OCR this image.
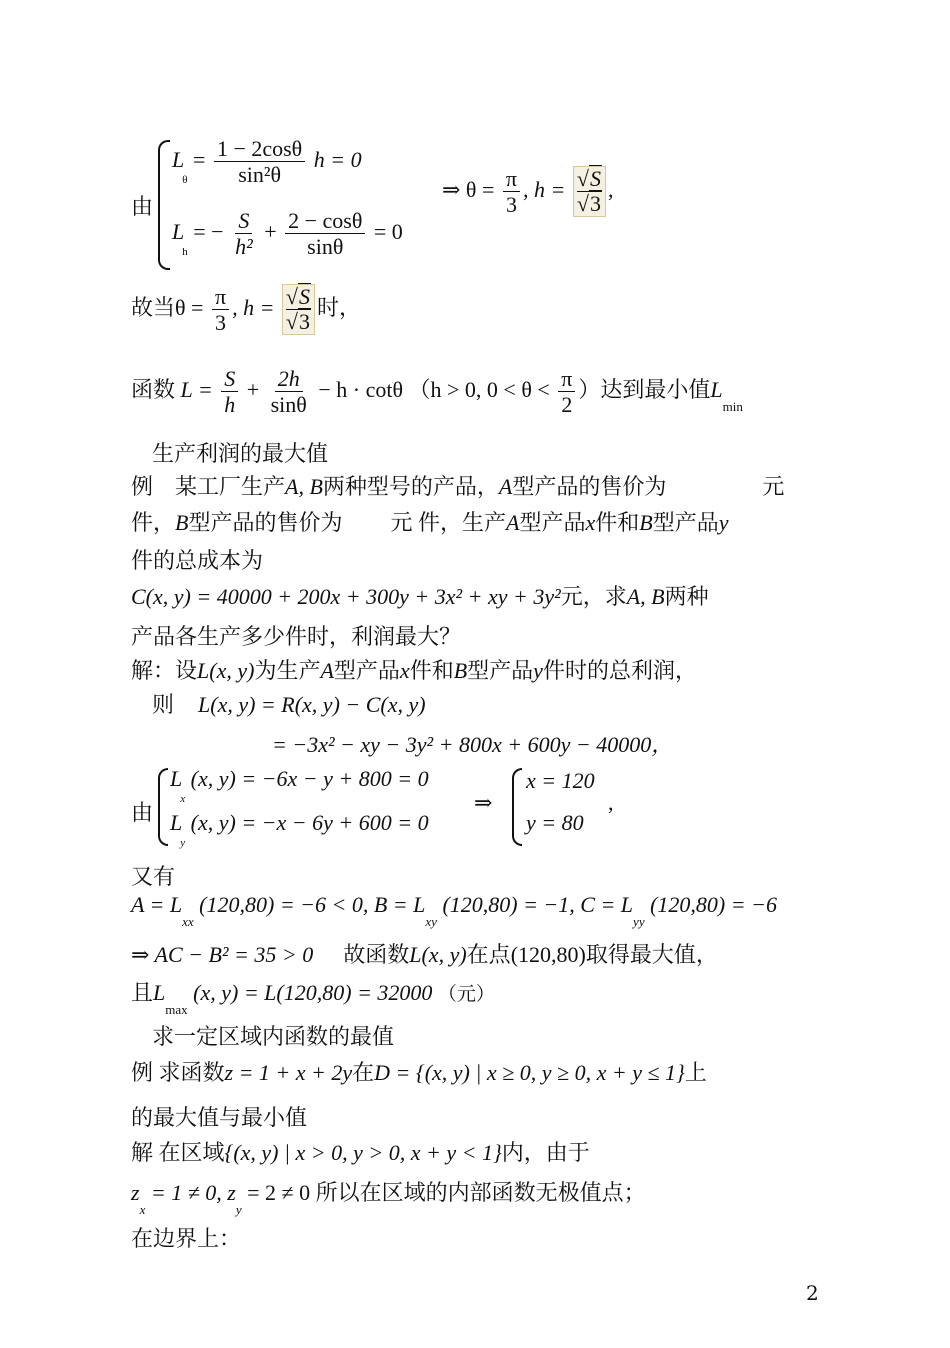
由
$L_\theta = \frac{1 - 2\cos\theta}{\text{sin²θ}}$ h = 0
$L_h$ = − $\frac{S}{\text{h²}} + \frac{2 - \cos\theta}{\sin\theta} = 0$
⇒ $\theta = \frac{\pi}{3}$ , $h = \frac{√S}{√3}$ ,
故当$\theta = \frac{\pi}{3}$ , $h = \frac{√S}{√3}$ 时，
函数 $L = \frac{S}{h} + \frac{2h}{\sin\theta} - h \cdot \cot\theta$ （h > 0, $0 < \theta < \frac{\pi}{2}$ ）达到最小值$L_{min}$
生产利润的最大值
例　某工厂生产A, B两种型号的产品，A型产品的售价为	元
件，B型产品的售价为 元 件，生产A型产品x件和B型产品y
件的总成本为
C(x, y) = 40000 + 200x + 300y + 3x² + xy + 3y²元，求A, B两种
产品各生产多少件时，利润最大？
解：设L(x, y)为生产A型产品x件和B型产品y件时的总利润，
则 L(x, y) = R(x, y) − C(x, y)
= −3x² − xy − 3y² + 800x + 600y − 40000，
由
$L_x$ (x, y) = −6x − y + 800 = 0
$L_y$ (x, y) = −x − 6y + 600 = 0
⇒
x = 120
y = 80
,
又有
$A = L_{xx}$ (120,80) = −6 < 0, $B = L_{xy}$ (120,80) = −1, $C = L_{yy}$ (120,80) = −6
⇒ AC − B² = 35 > 0 故函数L(x, y)在点(120,80)取得最大值，
且$L_{max}$ (x, y) = L(120,80) = 32000 （元）
求一定区域内函数的最值
例 求函数z = 1 + x + 2y在D = {(x, y) | x ≥ 0, y ≥ 0, x + y ≤ 1}上
的最大值与最小值
解 在区域{(x, y) | x > 0, y > 0, x + y < 1}内，由于
$z_x = 1 \ne 0$, $z_y = 2 \ne 0$ 所以在区域的内部函数无极值点；
在边界上：
2
